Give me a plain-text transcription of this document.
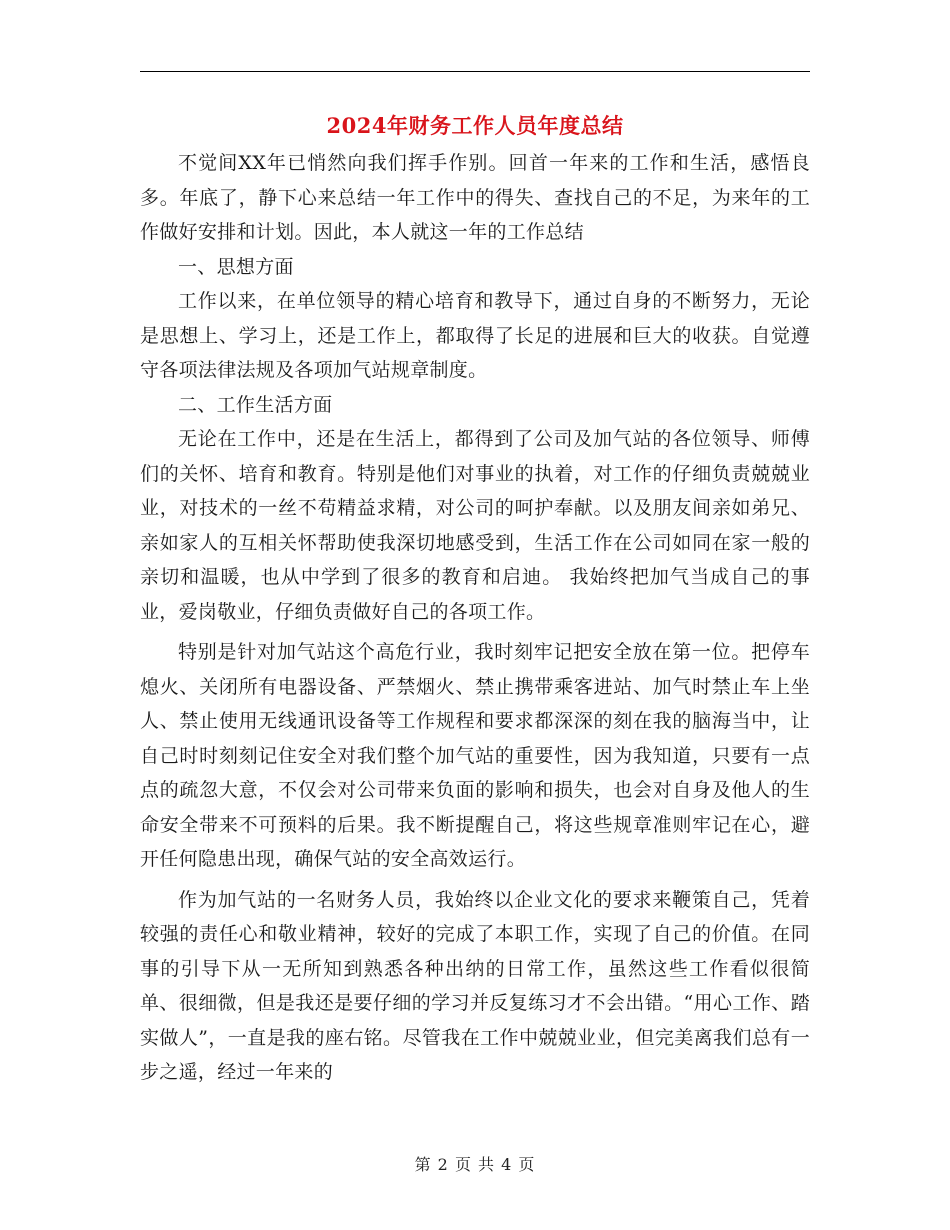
2024年财务工作人员年度总结

不觉间XX年已悄然向我们挥手作别。回首一年来的工作和生活，感悟良多。年底了，静下心来总结一年工作中的得失、查找自己的不足，为来年的工作做好安排和计划。因此，本人就这一年的工作总结

一、思想方面

工作以来，在单位领导的精心培育和教导下，通过自身的不断努力，无论是思想上、学习上，还是工作上，都取得了长足的进展和巨大的收获。自觉遵守各项法律法规及各项加气站规章制度。

二、工作生活方面

无论在工作中，还是在生活上，都得到了公司及加气站的各位领导、师傅们的关怀、培育和教育。特别是他们对事业的执着，对工作的仔细负责兢兢业业，对技术的一丝不苟精益求精，对公司的呵护奉献。以及朋友间亲如弟兄、亲如家人的互相关怀帮助使我深切地感受到，生活工作在公司如同在家一般的亲切和温暖，也从中学到了很多的教育和启迪。 我始终把加气当成自己的事业，爱岗敬业，仔细负责做好自己的各项工作。

特别是针对加气站这个高危行业，我时刻牢记把安全放在第一位。把停车熄火、关闭所有电器设备、严禁烟火、禁止携带乘客进站、加气时禁止车上坐人、禁止使用无线通讯设备等工作规程和要求都深深的刻在我的脑海当中，让自己时时刻刻记住安全对我们整个加气站的重要性，因为我知道，只要有一点点的疏忽大意，不仅会对公司带来负面的影响和损失，也会对自身及他人的生命安全带来不可预料的后果。我不断提醒自己，将这些规章准则牢记在心，避开任何隐患出现，确保气站的安全高效运行。

作为加气站的一名财务人员，我始终以企业文化的要求来鞭策自己，凭着较强的责任心和敬业精神，较好的完成了本职工作，实现了自己的价值。在同事的引导下从一无所知到熟悉各种出纳的日常工作，虽然这些工作看似很简单、很细微，但是我还是要仔细的学习并反复练习才不会出错。“用心工作、踏实做人”，一直是我的座右铭。尽管我在工作中兢兢业业，但完美离我们总有一步之遥，经过一年来的

第 2 页 共 4 页
